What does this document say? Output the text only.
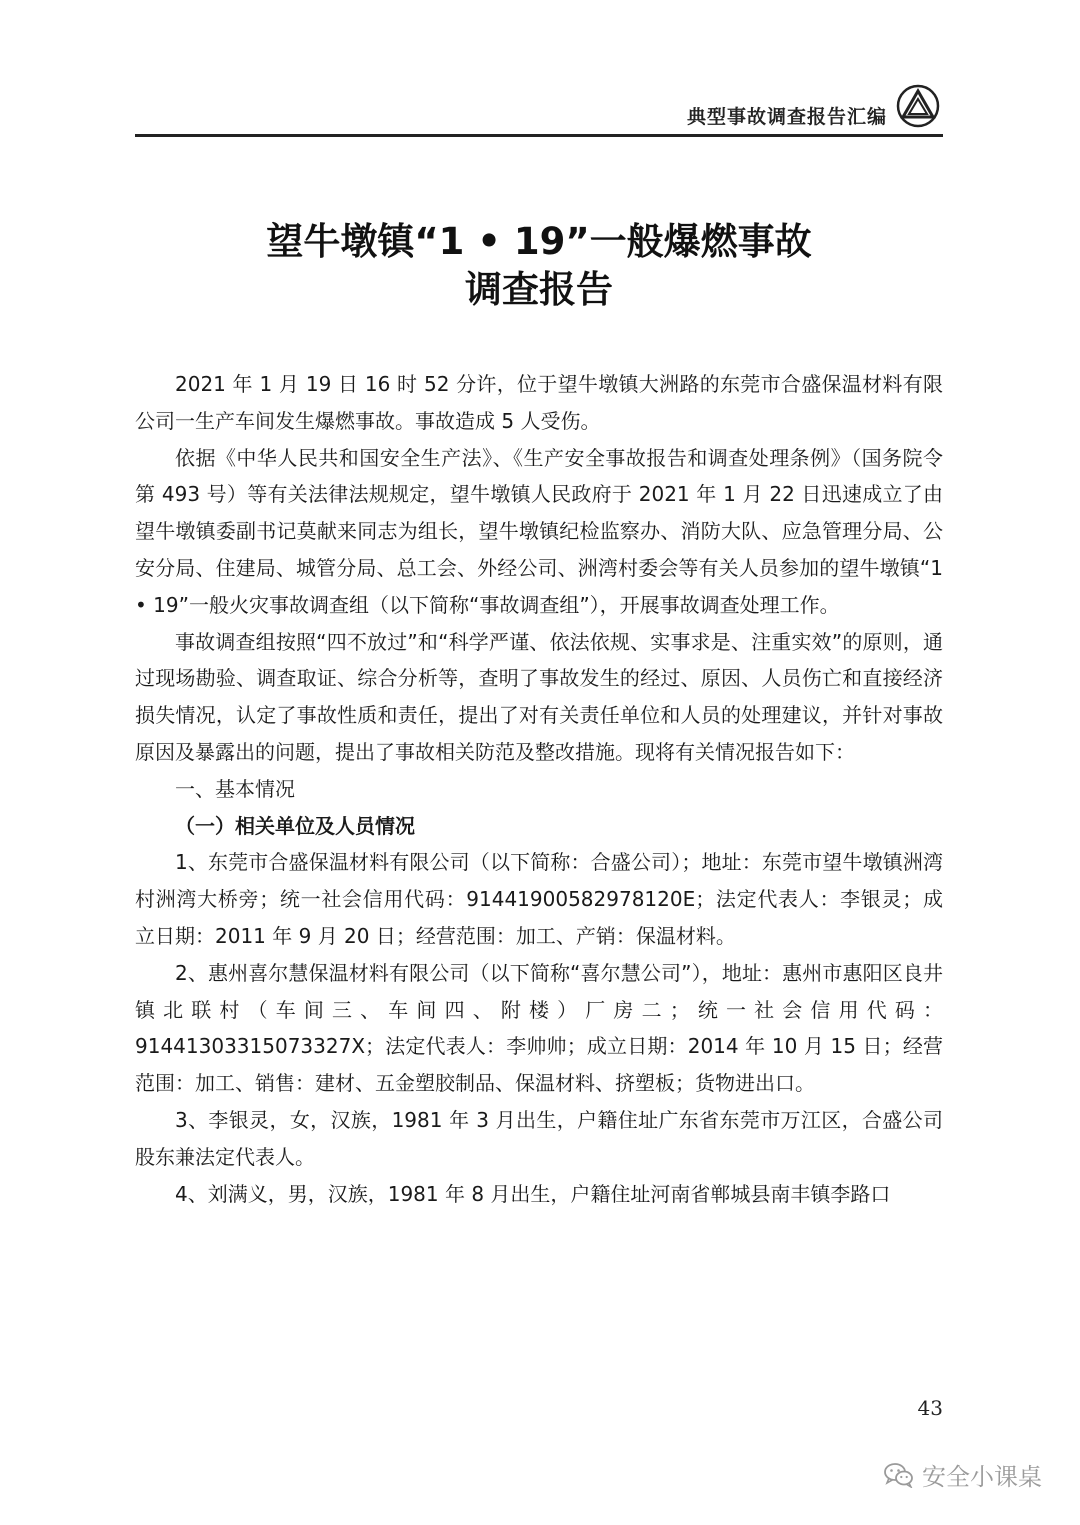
典型事故调查报告汇编
望牛墩镇“1 • 19”一般爆燃事故
调查报告

2021 年 1 月 19 日 16 时 52 分许，位于望牛墩镇大洲路的东莞市合盛保温材料有限公司一生产车间发生爆燃事故。事故造成 5 人受伤。

依据《中华人民共和国安全生产法》、《生产安全事故报告和调查处理条例》（国务院令第 493 号）等有关法律法规规定，望牛墩镇人民政府于 2021 年 1 月 22 日迅速成立了由望牛墩镇委副书记莫献来同志为组长，望牛墩镇纪检监察办、消防大队、应急管理分局、公安分局、住建局、城管分局、总工会、外经公司、洲湾村委会等有关人员参加的望牛墩镇“1 • 19”一般火灾事故调查组（以下简称“事故调查组”），开展事故调查处理工作。

事故调查组按照“四不放过”和“科学严谨、依法依规、实事求是、注重实效”的原则，通过现场勘验、调查取证、综合分析等，查明了事故发生的经过、原因、人员伤亡和直接经济损失情况，认定了事故性质和责任，提出了对有关责任单位和人员的处理建议，并针对事故原因及暴露出的问题，提出了事故相关防范及整改措施。现将有关情况报告如下：

一、基本情况
（一）相关单位及人员情况

1、东莞市合盛保温材料有限公司（以下简称：合盛公司）；地址：东莞市望牛墩镇洲湾村洲湾大桥旁；统一社会信用代码：91441900582978120E；法定代表人：李银灵；成立日期：2011 年 9 月 20 日；经营范围：加工、产销：保温材料。

2、惠州喜尔慧保温材料有限公司（以下简称“喜尔慧公司”），地址：惠州市惠阳区良井镇北联村（车间三、车间四、附楼）厂房二；统一社会信用代码：91441303315073327X；法定代表人：李帅帅；成立日期：2014 年 10 月 15 日；经营范围：加工、销售：建材、五金塑胶制品、保温材料、挤塑板；货物进出口。

3、李银灵，女，汉族，1981 年 3 月出生，户籍住址广东省东莞市万江区，合盛公司股东兼法定代表人。

4、刘满义，男，汉族，1981 年 8 月出生，户籍住址河南省郸城县南丰镇李路口

43
安全小课桌
